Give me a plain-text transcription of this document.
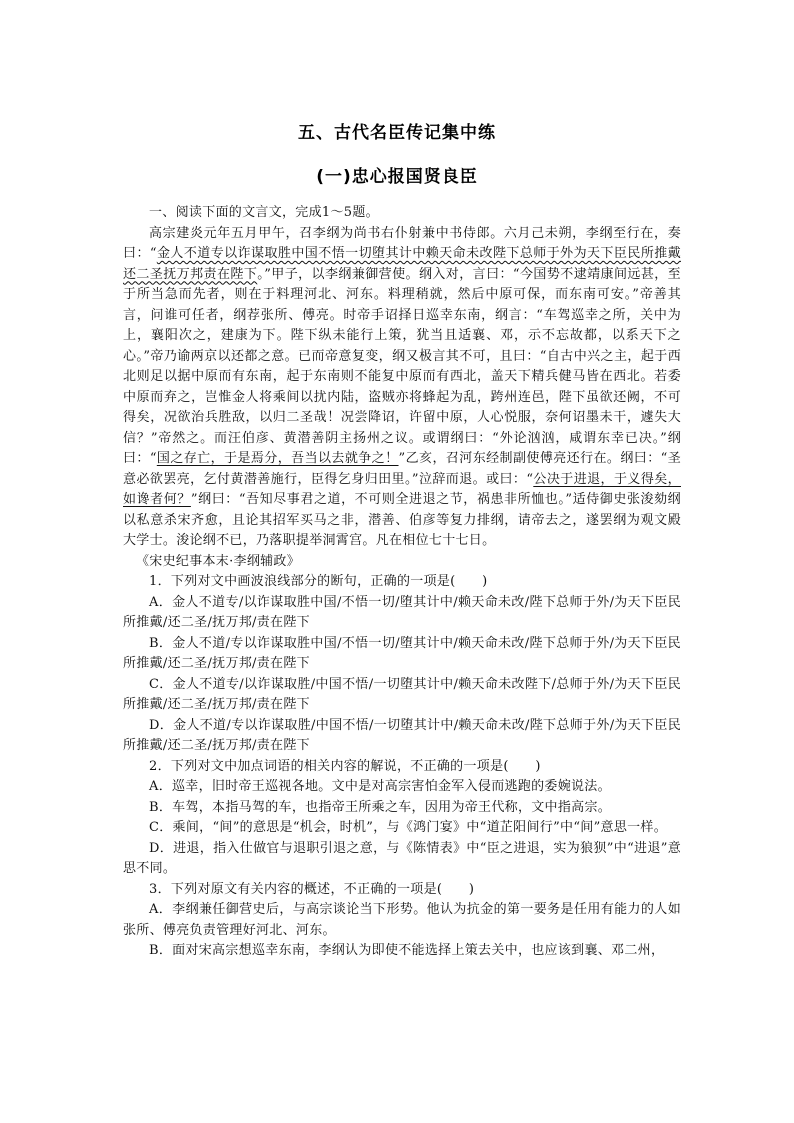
五、古代名臣传记集中练
(一)忠心报国贤良臣

一、阅读下面的文言文，完成1～5题。

高宗建炎元年五月甲午，召李纲为尚书右仆射兼中书侍郎。六月己未朔，李纲至行在，奏曰：“金人不道专以诈谋取胜中国不悟一切堕其计中赖天命未改陛下总师于外为天下臣民所推戴还二圣抚万邦责在陛下。”甲子，以李纲兼御营使。纲入对，言曰：“今国势不逮靖康间远甚，至于所当急而先者，则在于料理河北、河东。料理稍就，然后中原可保，而东南可安。”帝善其言，问谁可任者，纲荐张所、傅亮。时帝手诏择日巡幸东南，纲言：“车驾巡幸之所，关中为上，襄阳次之，建康为下。陛下纵未能行上策，犹当且适襄、邓，示不忘故都，以系天下之心。”帝乃谕两京以还都之意。已而帝意复变，纲又极言其不可，且曰：“自古中兴之主，起于西北则足以据中原而有东南，起于东南则不能复中原而有西北，盖天下精兵健马皆在西北。若委中原而弃之，岂惟金人将乘间以扰内陆，盗贼亦将蜂起为乱，跨州连邑，陛下虽欲还阙，不可得矣，况欲治兵胜敌，以归二圣哉！况尝降诏，许留中原，人心悦服，奈何诏墨未干，遽失大信？”帝然之。而汪伯彦、黄潜善阴主扬州之议。或谓纲曰：“外论汹汹，咸谓东幸已决。”纲曰：“国之存亡，于是焉分，吾当以去就争之！”乙亥，召河东经制副使傅亮还行在。纲曰：“圣意必欲罢亮，乞付黄潜善施行，臣得乞身归田里。”泣辞而退。或曰：“公决于进退，于义得矣，如谗者何？”纲曰：“吾知尽事君之道，不可则全进退之节，祸患非所恤也。”适侍御史张浚劾纲以私意杀宋齐愈，且论其招军买马之非，潜善、伯彦等复力排纲，请帝去之，遂罢纲为观文殿大学士。浚论纲不已，乃落职提举洞霄宫。凡在相位七十七日。

《宋史纪事本末·李纲辅政》

1．下列对文中画波浪线部分的断句，正确的一项是(　　)

A．金人不道专/以诈谋取胜中国/不悟一切/堕其计中/赖天命未改/陛下总师于外/为天下臣民所推戴/还二圣/抚万邦/责在陛下

B．金人不道/专以诈谋取胜中国/不悟一切/堕其计中/赖天命未改/陛下总师于外/为天下臣民所推戴/还二圣/抚万邦/责在陛下

C．金人不道专/以诈谋取胜/中国不悟/一切堕其计中/赖天命未改陛下/总师于外/为天下臣民所推戴/还二圣/抚万邦/责在陛下

D．金人不道/专以诈谋取胜/中国不悟/一切堕其计中/赖天命未改/陛下总师于外/为天下臣民所推戴/还二圣/抚万邦/责在陛下

2．下列对文中加点词语的相关内容的解说，不正确的一项是(　　)

A．巡幸，旧时帝王巡视各地。文中是对高宗害怕金军入侵而逃跑的委婉说法。

B．车驾，本指马驾的车，也指帝王所乘之车，因用为帝王代称，文中指高宗。

C．乘间，“间”的意思是“机会，时机”，与《鸿门宴》中“道芷阳间行”中“间”意思一样。

D．进退，指入仕做官与退职引退之意，与《陈情表》中“臣之进退，实为狼狈”中“进退”意思不同。

3．下列对原文有关内容的概述，不正确的一项是(　　)

A．李纲兼任御营史后，与高宗谈论当下形势。他认为抗金的第一要务是任用有能力的人如张所、傅亮负责管理好河北、河东。

B．面对宋高宗想巡幸东南，李纲认为即使不能选择上策去关中，也应该到襄、邓二州，
